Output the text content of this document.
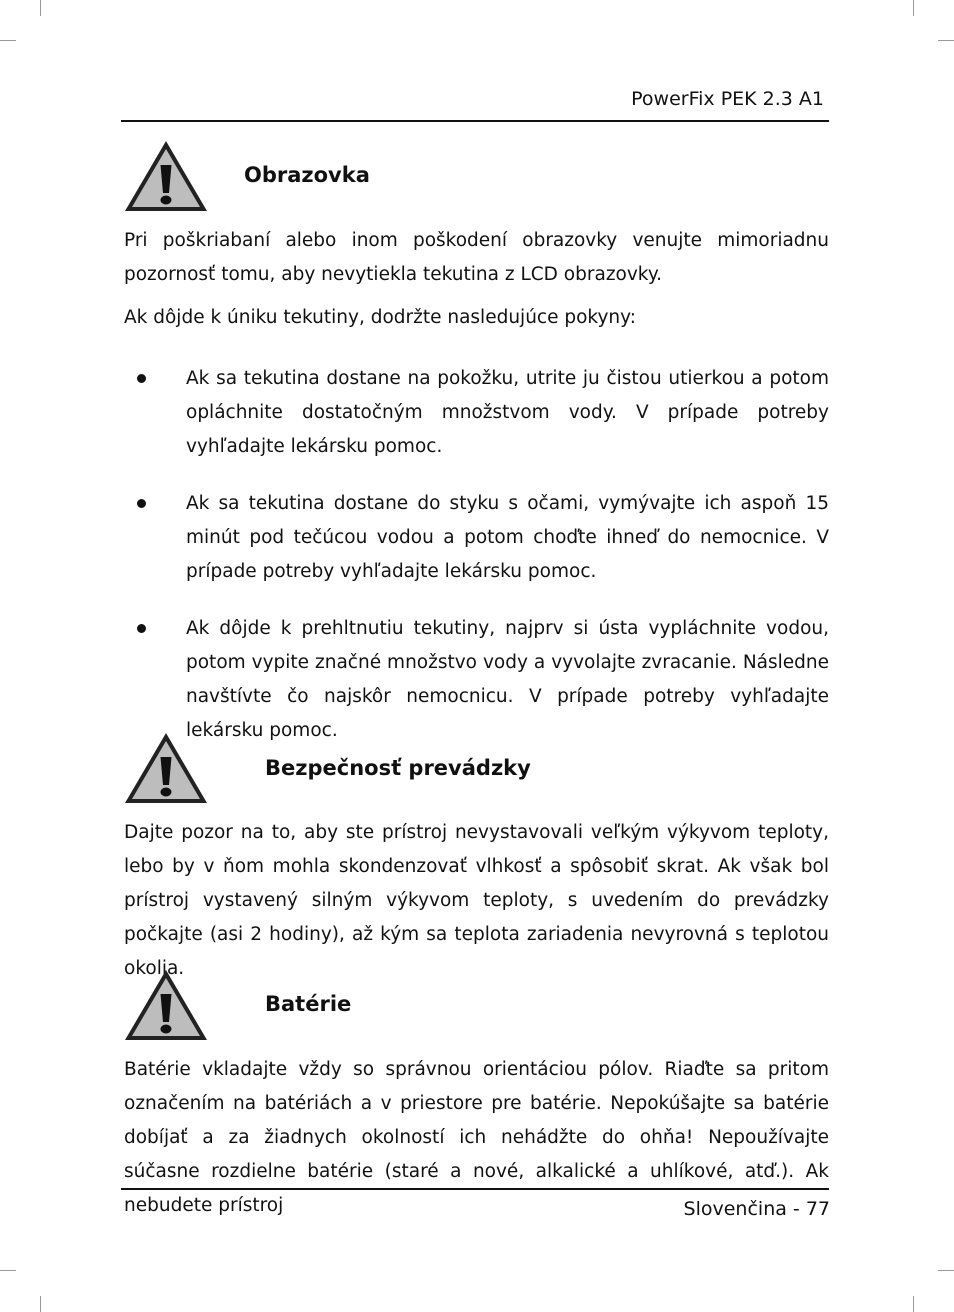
PowerFix PEK 2.3 A1
Obrazovka

Pri poškriabaní alebo inom poškodení obrazovky venujte mimoriadnu pozornosť tomu, aby nevytiekla tekutina z LCD obrazovky.

Ak dôjde k úniku tekutiny, dodržte nasledujúce pokyny:

Ak sa tekutina dostane na pokožku, utrite ju čistou utierkou a potom opláchnite dostatočným množstvom vody. V prípade potreby vyhľadajte lekársku pomoc.

Ak sa tekutina dostane do styku s očami, vymývajte ich aspoň 15 minút pod tečúcou vodou a potom choďte ihneď do nemocnice. V prípade potreby vyhľadajte lekársku pomoc.

Ak dôjde k prehltnutiu tekutiny, najprv si ústa vypláchnite vodou, potom vypite značné množstvo vody a vyvolajte zvracanie. Následne navštívte čo najskôr nemocnicu. V prípade potreby vyhľadajte lekársku pomoc.

Bezpečnosť prevádzky

Dajte pozor na to, aby ste prístroj nevystavovali veľkým výkyvom teploty, lebo by v ňom mohla skondenzovať vlhkosť a spôsobiť skrat. Ak však bol prístroj vystavený silným výkyvom teploty, s uvedením do prevádzky počkajte (asi 2 hodiny), až kým sa teplota zariadenia nevyrovná s teplotou okolia.

Batérie

Batérie vkladajte vždy so správnou orientáciou pólov. Riaďte sa pritom označením na batériách a v priestore pre batérie. Nepokúšajte sa batérie dobíjať a za žiadnych okolností ich nehádžte do ohňa! Nepoužívajte súčasne rozdielne batérie (staré a nové, alkalické a uhlíkové, atď.). Ak nebudete prístroj	Slovenčina - 77
